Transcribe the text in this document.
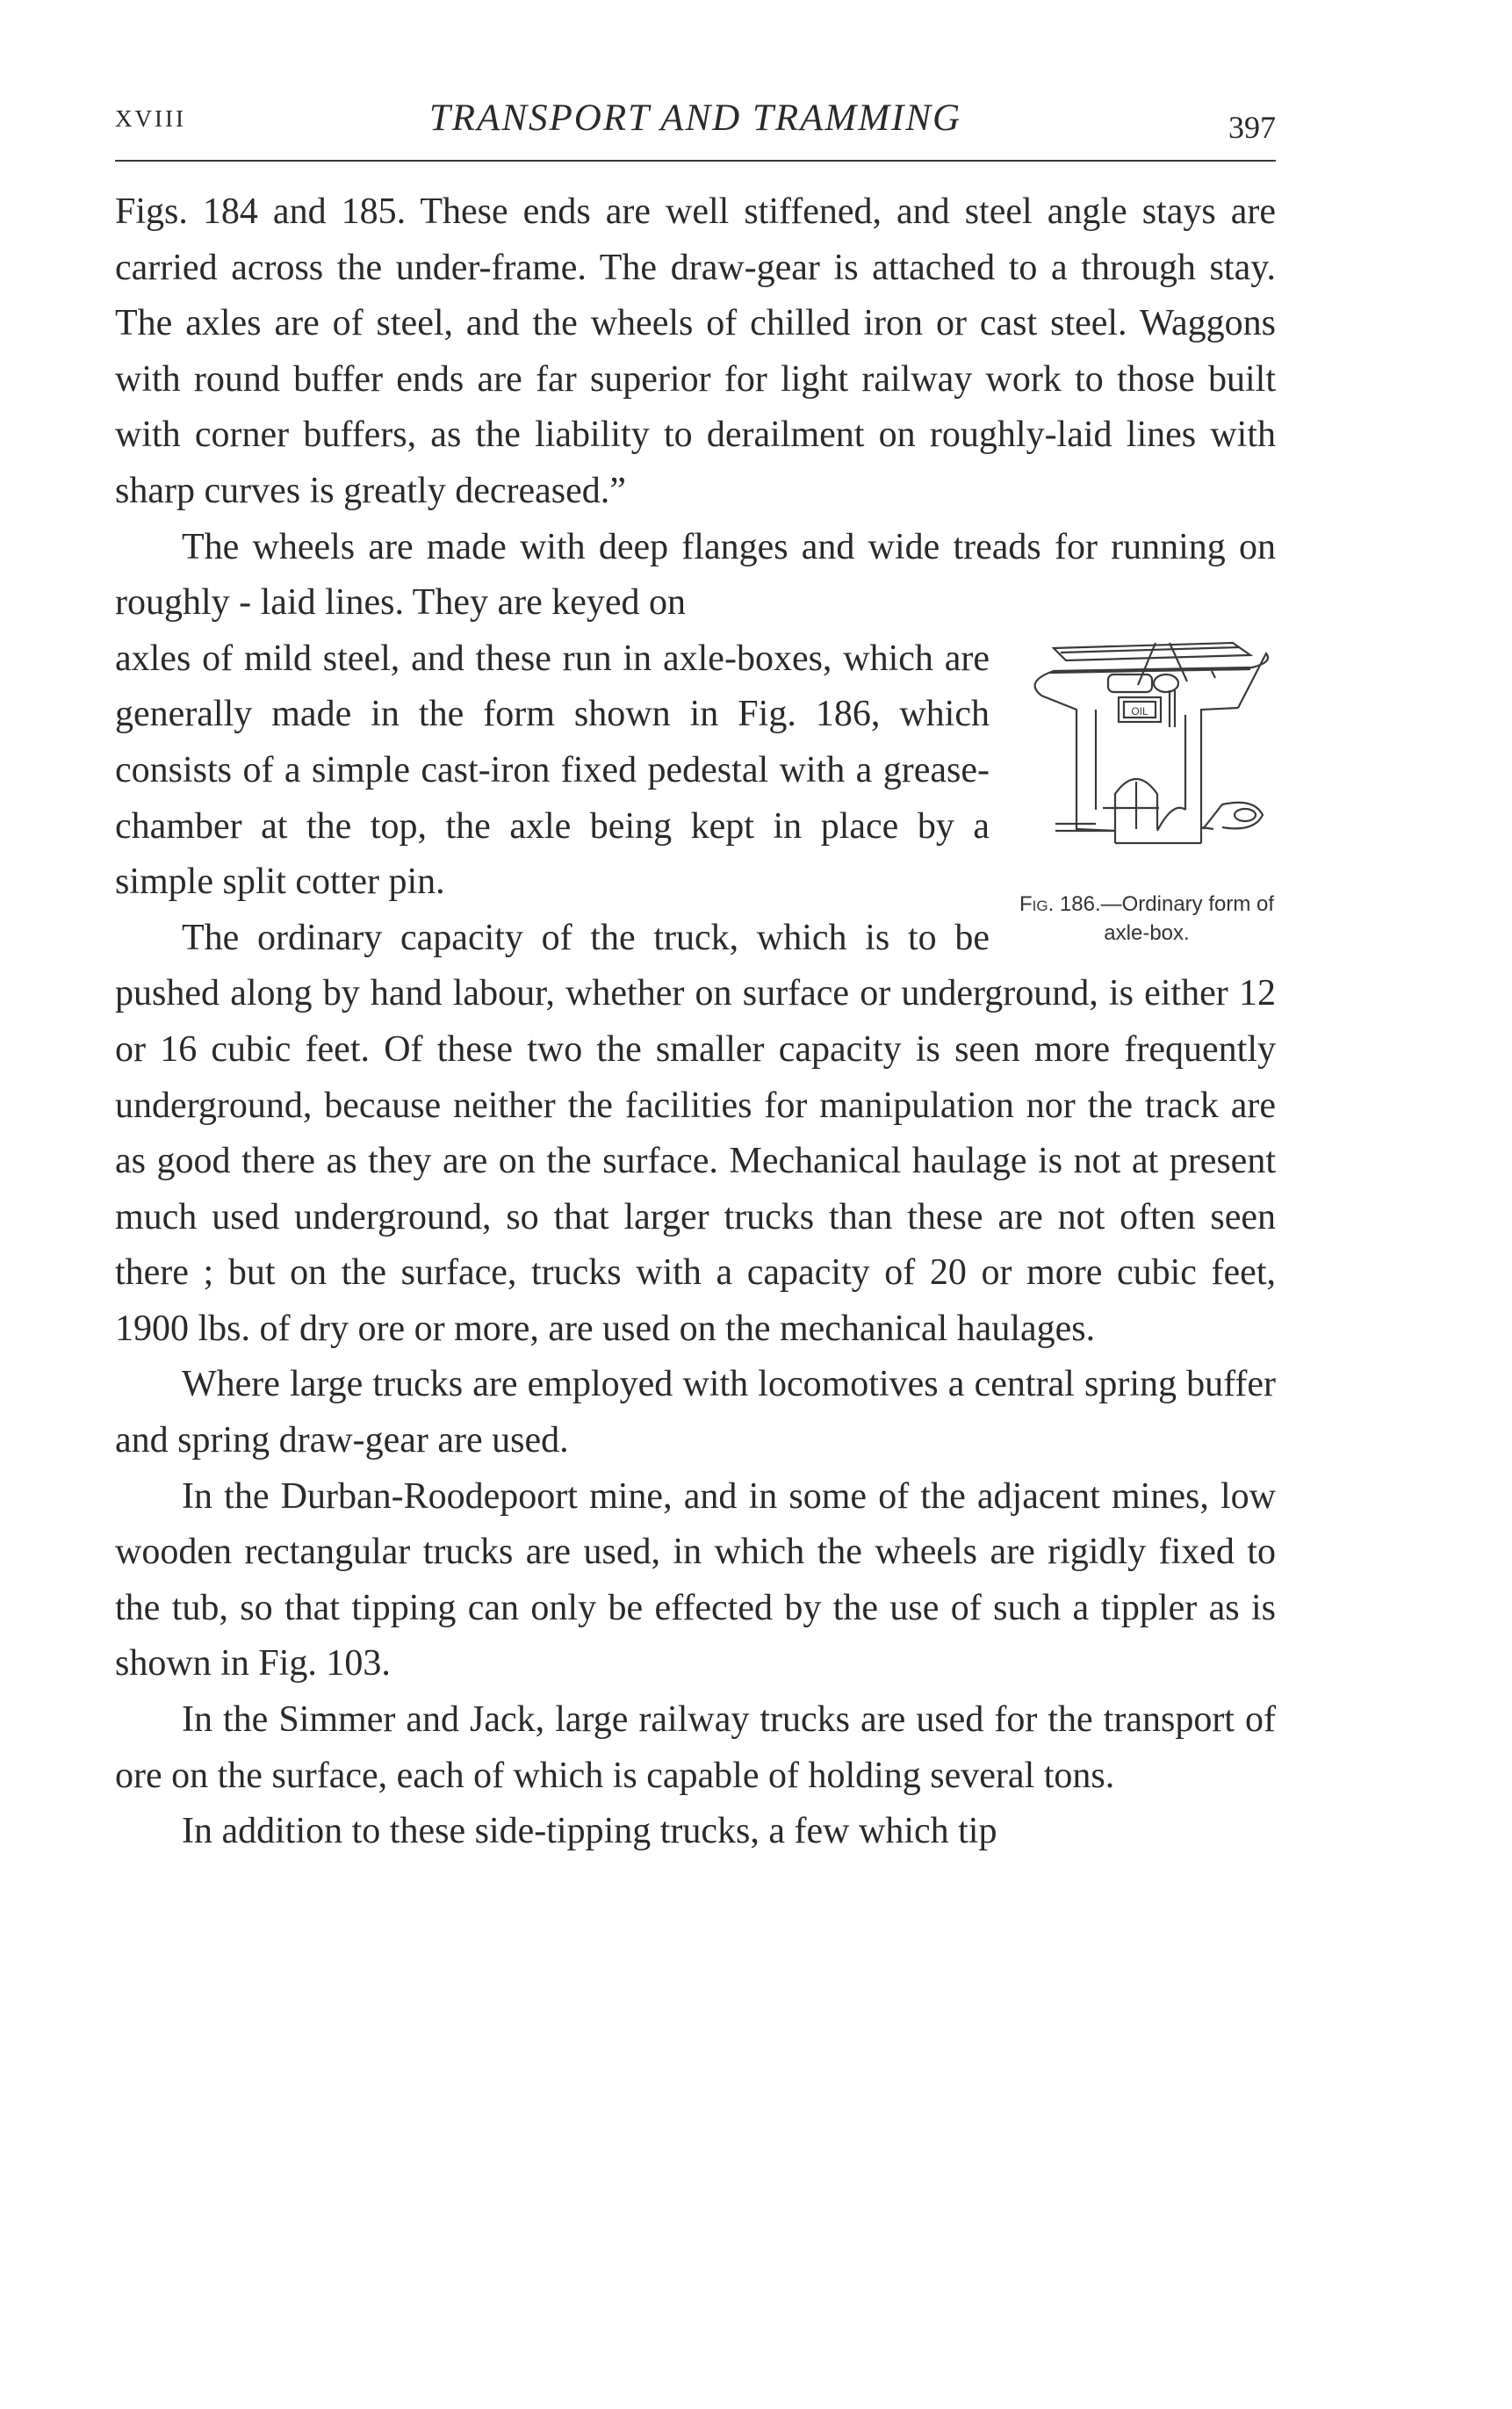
XVIII	TRANSPORT AND TRAMMING	397

Figs. 184 and 185. These ends are well stiffened, and steel angle stays are carried across the under-frame. The draw-gear is attached to a through stay. The axles are of steel, and the wheels of chilled iron or cast steel. Waggons with round buffer ends are far superior for light railway work to those built with corner buffers, as the liability to derailment on roughly-laid lines with sharp curves is greatly decreased.”

The wheels are made with deep flanges and wide treads for running on roughly - laid lines. They are keyed on

OIL
Fig. 186.—Ordinary form of axle-box.

axles of mild steel, and these run in axle-boxes, which are generally made in the form shown in Fig. 186, which consists of a simple cast-iron fixed pedestal with a grease-chamber at the top, the axle being kept in place by a simple split cotter pin.

The ordinary capacity of the truck, which is to be pushed along by hand labour, whether on surface or underground, is either 12 or 16 cubic feet. Of these two the smaller capacity is seen more frequently underground, because neither the facilities for manipulation nor the track are as good there as they are on the surface. Mechanical haulage is not at present much used underground, so that larger trucks than these are not often seen there ; but on the surface, trucks with a capacity of 20 or more cubic feet, 1900 lbs. of dry ore or more, are used on the mechanical haulages.

Where large trucks are employed with locomotives a central spring buffer and spring draw-gear are used.

In the Durban-Roodepoort mine, and in some of the adjacent mines, low wooden rectangular trucks are used, in which the wheels are rigidly fixed to the tub, so that tipping can only be effected by the use of such a tippler as is shown in Fig. 103.

In the Simmer and Jack, large railway trucks are used for the transport of ore on the surface, each of which is capable of holding several tons.

In addition to these side-tipping trucks, a few which tip
